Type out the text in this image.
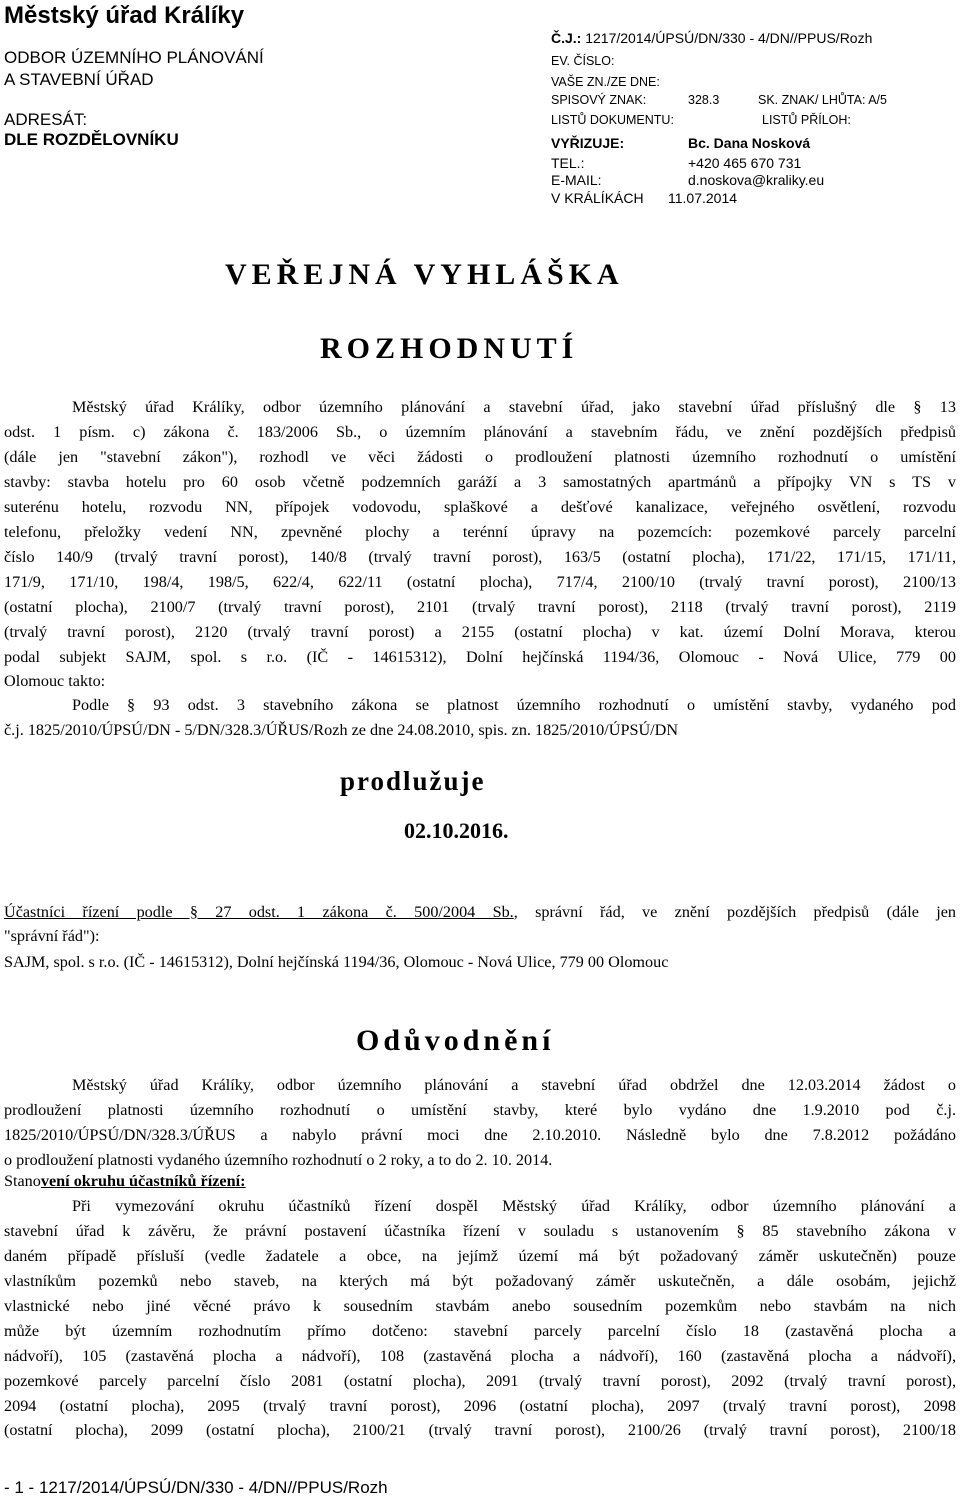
Městský úřad Králíky
ODBOR ÚZEMNÍHO PLÁNOVÁNÍ
A STAVEBNÍ ÚŘAD
ADRESÁT:
DLE ROZDĚLOVNÍKU
Č.J.: 1217/2014/ÚPSÚ/DN/330 - 4/DN//PPUS/Rozh
EV. ČÍSLO:
VAŠE ZN./ZE DNE:
SPISOVÝ ZNAK:	328.3	SK. ZNAK/ LHŮTA: A/5
LISTŮ DOKUMENTU:	LISTŮ PŘÍLOH:
VYŘIZUJE:	Bc. Dana Nosková
TEL.:	+420 465 670 731
E-MAIL:	d.noskova@kraliky.eu
V KRÁLÍKÁCH 11.07.2014
VEŘEJNÁ VYHLÁŠKA
ROZHODNUTÍ
Městský úřad Králíky, odbor územního plánování a stavební úřad, jako stavební úřad příslušný dle § 13
odst. 1 písm. c) zákona č. 183/2006 Sb., o územním plánování a stavebním řádu, ve znění pozdějších předpisů
(dále jen "stavební zákon"), rozhodl ve věci žádosti o prodloužení platnosti územního rozhodnutí o umístění
stavby: stavba hotelu pro 60 osob včetně podzemních garáží a 3 samostatných apartmánů a přípojky VN s TS v
suterénu hotelu, rozvodu NN, přípojek vodovodu, splaškové a dešťové kanalizace, veřejného osvětlení, rozvodu
telefonu, přeložky vedení NN, zpevněné plochy a terénní úpravy na pozemcích: pozemkové parcely parcelní
číslo 140/9 (trvalý travní porost), 140/8 (trvalý travní porost), 163/5 (ostatní plocha), 171/22, 171/15, 171/11,
171/9, 171/10, 198/4, 198/5, 622/4, 622/11 (ostatní plocha), 717/4, 2100/10 (trvalý travní porost), 2100/13
(ostatní plocha), 2100/7 (trvalý travní porost), 2101 (trvalý travní porost), 2118 (trvalý travní porost), 2119
(trvalý travní porost), 2120 (trvalý travní porost) a 2155 (ostatní plocha) v kat. území Dolní Morava, kterou
podal subjekt SAJM, spol. s r.o. (IČ - 14615312), Dolní hejčínská 1194/36, Olomouc - Nová Ulice, 779 00
Olomouc takto:
Podle § 93 odst. 3 stavebního zákona se platnost územního rozhodnutí o umístění stavby, vydaného pod
č.j. 1825/2010/ÚPSÚ/DN - 5/DN/328.3/ÚŘUS/Rozh ze dne 24.08.2010, spis. zn. 1825/2010/ÚPSÚ/DN
prodlužuje
02.10.2016.
Účastníci řízení podle § 27 odst. 1 zákona č. 500/2004 Sb., správní řád, ve znění pozdějších předpisů (dále jen
"správní řád"):
SAJM, spol. s r.o. (IČ - 14615312), Dolní hejčínská 1194/36, Olomouc - Nová Ulice, 779 00 Olomouc
Odůvodnění
Městský úřad Králíky, odbor územního plánování a stavební úřad obdržel dne 12.03.2014 žádost o
prodloužení platnosti územního rozhodnutí o umístění stavby, které bylo vydáno dne 1.9.2010 pod č.j.
1825/2010/ÚPSÚ/DN/328.3/ÚŘUS a nabylo právní moci dne 2.10.2010. Následně bylo dne 7.8.2012 požádáno
o prodloužení platnosti vydaného územního rozhodnutí o 2 roky, a to do 2. 10. 2014.
Stanovení okruhu účastníků řízení:
Při vymezování okruhu účastníků řízení dospěl Městský úřad Králíky, odbor územního plánování a
stavební úřad k závěru, že právní postavení účastníka řízení v souladu s ustanovením § 85 stavebního zákona v
daném případě přísluší (vedle žadatele a obce, na jejímž území má být požadovaný záměr uskutečněn) pouze
vlastníkům pozemků nebo staveb, na kterých má být požadovaný záměr uskutečněn, a dále osobám, jejichž
vlastnické nebo jiné věcné právo k sousedním stavbám anebo sousedním pozemkům nebo stavbám na nich
může být územním rozhodnutím přímo dotčeno: stavební parcely parcelní číslo 18 (zastavěná plocha a
nádvoří), 105 (zastavěná plocha a nádvoří), 108 (zastavěná plocha a nádvoří), 160 (zastavěná plocha a nádvoří),
pozemkové parcely parcelní číslo 2081 (ostatní plocha), 2091 (trvalý travní porost), 2092 (trvalý travní porost),
2094 (ostatní plocha), 2095 (trvalý travní porost), 2096 (ostatní plocha), 2097 (trvalý travní porost), 2098
(ostatní plocha), 2099 (ostatní plocha), 2100/21 (trvalý travní porost), 2100/26 (trvalý travní porost), 2100/18
- 1 - 1217/2014/ÚPSÚ/DN/330 - 4/DN//PPUS/Rozh
